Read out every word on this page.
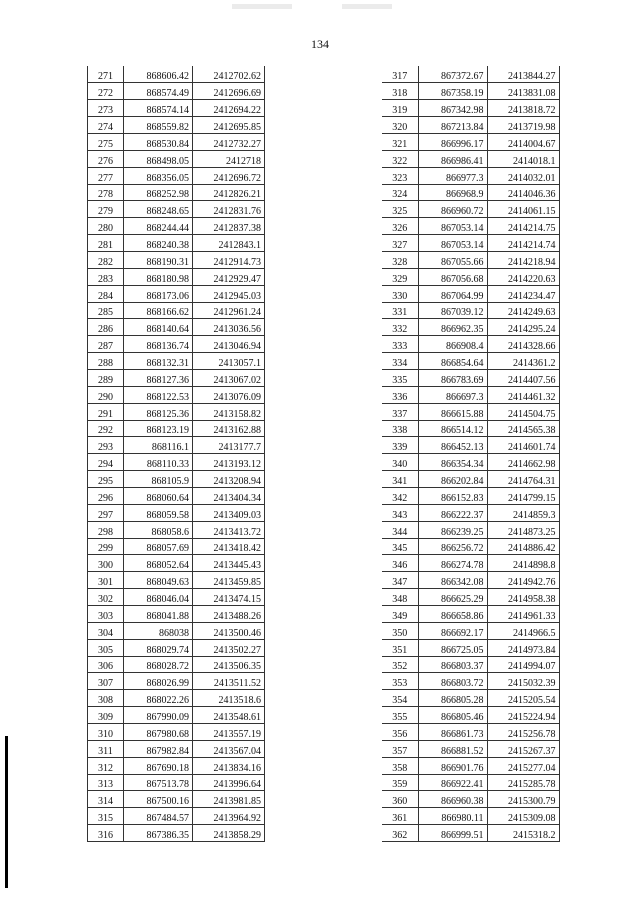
134
271	868606.42	2412702.62
272	868574.49	2412696.69
273	868574.14	2412694.22
274	868559.82	2412695.85
275	868530.84	2412732.27
276	868498.05	2412718
277	868356.05	2412696.72
278	868252.98	2412826.21
279	868248.65	2412831.76
280	868244.44	2412837.38
281	868240.38	2412843.1
282	868190.31	2412914.73
283	868180.98	2412929.47
284	868173.06	2412945.03
285	868166.62	2412961.24
286	868140.64	2413036.56
287	868136.74	2413046.94
288	868132.31	2413057.1
289	868127.36	2413067.02
290	868122.53	2413076.09
291	868125.36	2413158.82
292	868123.19	2413162.88
293	868116.1	2413177.7
294	868110.33	2413193.12
295	868105.9	2413208.94
296	868060.64	2413404.34
297	868059.58	2413409.03
298	868058.6	2413413.72
299	868057.69	2413418.42
300	868052.64	2413445.43
301	868049.63	2413459.85
302	868046.04	2413474.15
303	868041.88	2413488.26
304	868038	2413500.46
305	868029.74	2413502.27
306	868028.72	2413506.35
307	868026.99	2413511.52
308	868022.26	2413518.6
309	867990.09	2413548.61
310	867980.68	2413557.19
311	867982.84	2413567.04
312	867690.18	2413834.16
313	867513.78	2413996.64
314	867500.16	2413981.85
315	867484.57	2413964.92
316	867386.35	2413858.29
317	867372.67	2413844.27
318	867358.19	2413831.08
319	867342.98	2413818.72
320	867213.84	2413719.98
321	866996.17	2414004.67
322	866986.41	2414018.1
323	866977.3	2414032.01
324	866968.9	2414046.36
325	866960.72	2414061.15
326	867053.14	2414214.75
327	867053.14	2414214.74
328	867055.66	2414218.94
329	867056.68	2414220.63
330	867064.99	2414234.47
331	867039.12	2414249.63
332	866962.35	2414295.24
333	866908.4	2414328.66
334	866854.64	2414361.2
335	866783.69	2414407.56
336	866697.3	2414461.32
337	866615.88	2414504.75
338	866514.12	2414565.38
339	866452.13	2414601.74
340	866354.34	2414662.98
341	866202.84	2414764.31
342	866152.83	2414799.15
343	866222.37	2414859.3
344	866239.25	2414873.25
345	866256.72	2414886.42
346	866274.78	2414898.8
347	866342.08	2414942.76
348	866625.29	2414958.38
349	866658.86	2414961.33
350	866692.17	2414966.5
351	866725.05	2414973.84
352	866803.37	2414994.07
353	866803.72	2415032.39
354	866805.28	2415205.54
355	866805.46	2415224.94
356	866861.73	2415256.78
357	866881.52	2415267.37
358	866901.76	2415277.04
359	866922.41	2415285.78
360	866960.38	2415300.79
361	866980.11	2415309.08
362	866999.51	2415318.2
